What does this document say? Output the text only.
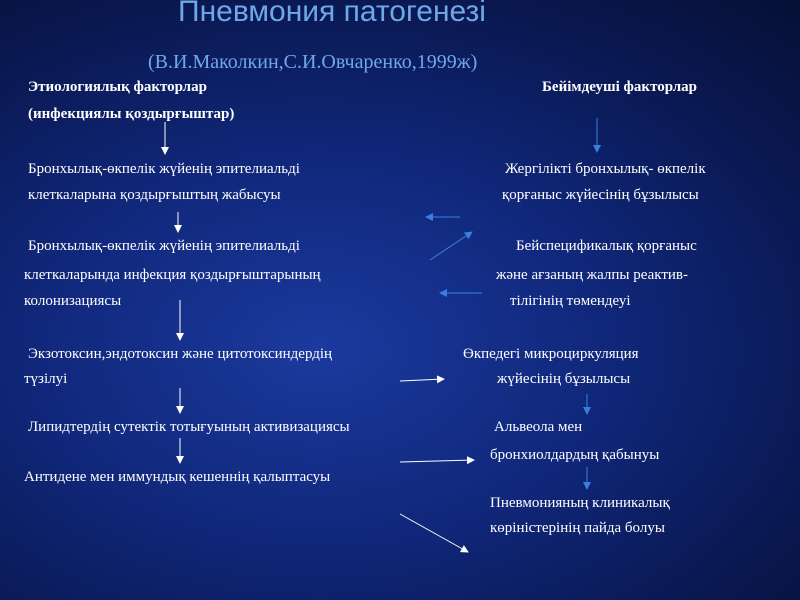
Пневмония патогенезі
(В.И.Маколкин,С.И.Овчаренко,1999ж)
Этиологиялық факторлар
(инфекциялы қоздырғыштар)
Бронхылық-өкпелік жүйенің эпителиальді
клеткаларына қоздырғыштың жабысуы
Бронхылық-өкпелік жүйенің эпителиальді
клеткаларында инфекция қоздырғыштарының
колонизациясы
Экзотоксин,эндотоксин және цитотоксиндердің
түзілуі
Липидтердің сутектік тотығуының активизациясы
Антидене мен иммундық кешеннің қалыптасуы
Бейімдеуші факторлар
Жергілікті бронхылық- өкпелік
қорғаныс жүйесінің бұзылысы
Бейспецификалық қорғаныс
және ағзаның жалпы реактив-
тілігінің төмендеуі
Өкпедегі микроциркуляция
жүйесінің бұзылысы
Альвеола мен
бронхиолдардың қабынуы
Пневмонияның клиникалық
көріністерінің пайда болуы
